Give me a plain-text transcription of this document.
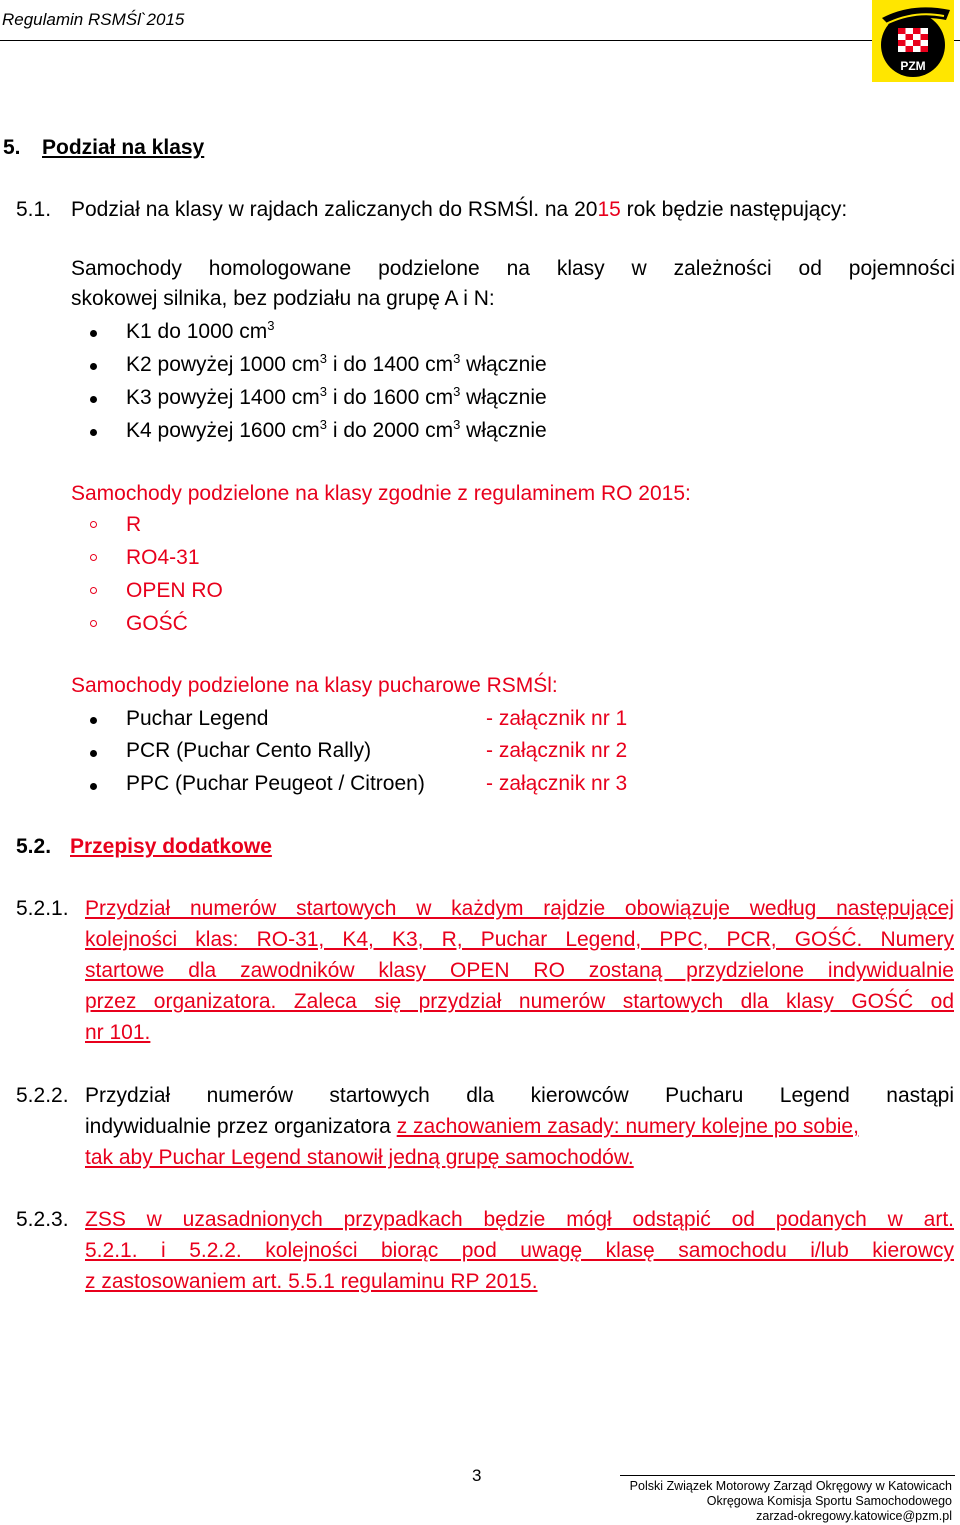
Regulamin RSMŚl`2015
PZM
5. Podział na klasy
5.1. Podział na klasy w rajdach zaliczanych do RSMŚl. na 2015 rok będzie następujący:
Samochody homologowane podzielone na klasy w zależności od pojemności
skokowej silnika, bez podziału na grupę A i N:
K1 do 1000 $cm^3$
K2 powyżej 1000 $cm^3$ i do 1400 $cm^3$ włącznie
K3 powyżej 1400 $cm^3$ i do 1600 $cm^3$ włącznie
K4 powyżej 1600 $cm^3$ i do 2000 $cm^3$ włącznie
Samochody podzielone na klasy zgodnie z regulaminem RO 2015:
R
RO4-31
OPEN RO
GOŚĆ
Samochody podzielone na klasy pucharowe RSMŚl:
Puchar Legend	- załącznik nr 1
PCR (Puchar Cento Rally)	- załącznik nr 2
PPC (Puchar Peugeot / Citroen)	- załącznik nr 3
5.2. Przepisy dodatkowe
5.2.1. Przydział numerów startowych w każdym rajdzie obowiązuje według następującej
kolejności klas: RO-31, K4, K3, R, Puchar Legend, PPC, PCR, GOŚĆ. Numery
startowe dla zawodników klasy OPEN RO zostaną przydzielone indywidualnie
przez organizatora. Zaleca się przydział numerów startowych dla klasy GOŚĆ od
nr 101.
5.2.2. Przydział numerów startowych dla kierowców Pucharu Legend nastąpi
indywidualnie przez organizatora z zachowaniem zasady: numery kolejne po sobie,
tak aby Puchar Legend stanowił jedną grupę samochodów.
5.2.3. ZSS w uzasadnionych przypadkach będzie mógł odstąpić od podanych w art.
5.2.1. i 5.2.2. kolejności biorąc pod uwagę klasę samochodu i/lub kierowcy
z zastosowaniem art. 5.5.1 regulaminu RP 2015.
3
Polski Związek Motorowy Zarząd Okręgowy w Katowicach
Okręgowa Komisja Sportu Samochodowego
zarzad-okregowy.katowice@pzm.pl
